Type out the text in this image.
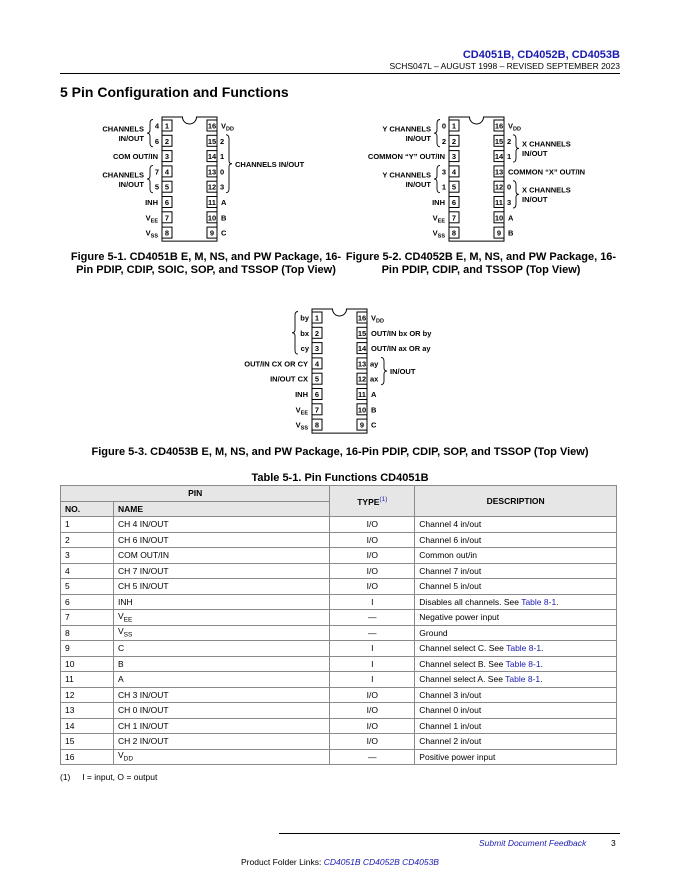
CD4051B, CD4052B, CD4053B
SCHS047L – AUGUST 1998 – REVISED SEPTEMBER 2023
5 Pin Configuration and Functions
1
4
2
6
3
COM OUT/IN
4
7
5
5
6
INH
7
$V_{EE}$
8
$V_{SS}$
16 $V_{DD}$
15 2
14 1
13 0
12 3
11 A
10 B
9 C
CHANNELS
IN/OUT
CHANNELS
IN/OUT
CHANNELS IN/OUT
1
0
2
2
3
COMMON “Y” OUT/IN
4
3
5
1
6
INH
7
$V_{EE}$
8
$V_{SS}$
16 $V_{DD}$
15 2
14 1
13 COMMON “X” OUT/IN
12 0
11 3
10 A
9 B
Y CHANNELS
IN/OUT
Y CHANNELS
IN/OUT
X CHANNELS
IN/OUT
X CHANNELS
IN/OUT
1
by
2
bx
3
cy
4
OUT/IN CX OR CY
5
IN/OUT CX
6
INH
7
$V_{EE}$
8
$V_{SS}$
16 $V_{DD}$
15 OUT/IN bx OR by
14 OUT/IN ax OR ay
13 ay
12 ax
11 A
10 B
9 C
IN/OUT
Figure 5-1. CD4051B E, M, NS, and PW Package, 16-Pin PDIP, CDIP, SOIC, SOP, and TSSOP (Top View)
Figure 5-2. CD4052B E, M, NS, and PW Package, 16-Pin PDIP, CDIP, and TSSOP (Top View)
Figure 5-3. CD4053B E, M, NS, and PW Package, 16-Pin PDIP, CDIP, SOP, and TSSOP (Top View)
Table 5-1. Pin Functions CD4051B
PIN		TYPE$^{(1)}$	DESCRIPTION
NO.	NAME		
1	CH 4 IN/OUT	I/O	Channel 4 in/out
2	CH 6 IN/OUT	I/O	Channel 6 in/out
3	COM OUT/IN	I/O	Common out/in
4	CH 7 IN/OUT	I/O	Channel 7 in/out
5	CH 5 IN/OUT	I/O	Channel 5 in/out
6	INH	I	Disables all channels. See Table 8-1.
7	$V_{EE}$	—	Negative power input
8	$V_{SS}$	—	Ground
9	C	I	Channel select C. See Table 8-1.
10	B	I	Channel select B. See Table 8-1.
11	A	I	Channel select A. See Table 8-1.
12	CH 3 IN/OUT	I/O	Channel 3 in/out
13	CH 0 IN/OUT	I/O	Channel 0 in/out
14	CH 1 IN/OUT	I/O	Channel 1 in/out
15	CH 2 IN/OUT	I/O	Channel 2 in/out
16	$V_{DD}$	—	Positive power input
(1)     I = input, O = output
Submit Document Feedback	3
Product Folder Links: CD4051B CD4052B CD4053B
